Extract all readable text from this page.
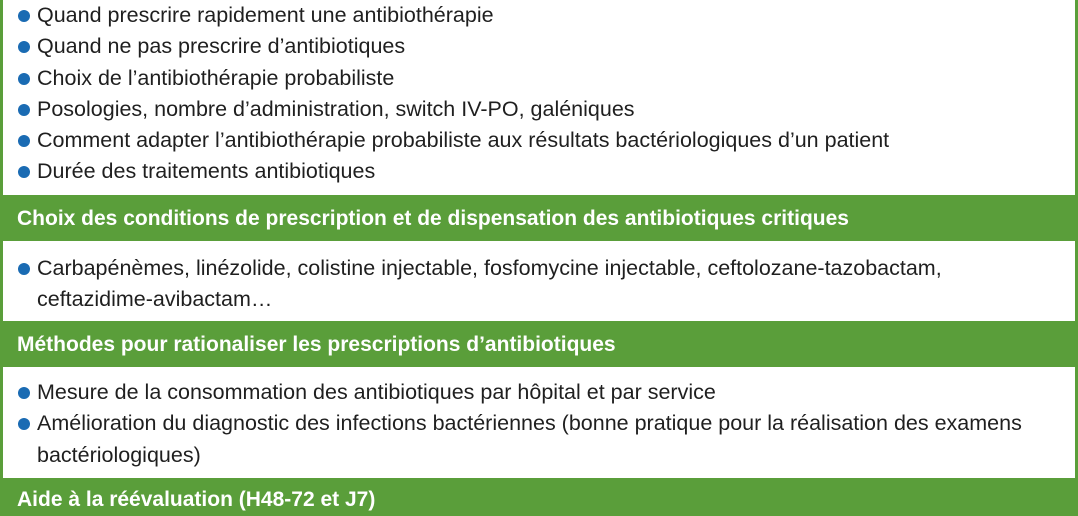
Quand prescrire rapidement une antibiothérapie
Quand ne pas prescrire d’antibiotiques
Choix de l’antibiothérapie probabiliste
Posologies, nombre d’administration, switch IV-PO, galéniques
Comment adapter l’antibiothérapie probabiliste aux résultats bactériologiques d’un patient
Durée des traitements antibiotiques
Choix des conditions de prescription et de dispensation des antibiotiques critiques
Carbapénèmes, linézolide, colistine injectable, fosfomycine injectable, ceftolozane-tazobactam, ceftazidime-avibactam…
Méthodes pour rationaliser les prescriptions d’antibiotiques
Mesure de la consommation des antibiotiques par hôpital et par service
Amélioration du diagnostic des infections bactériennes (bonne pratique pour la réalisation des examens bactériologiques)
Aide à la réévaluation (H48-72 et J7)
